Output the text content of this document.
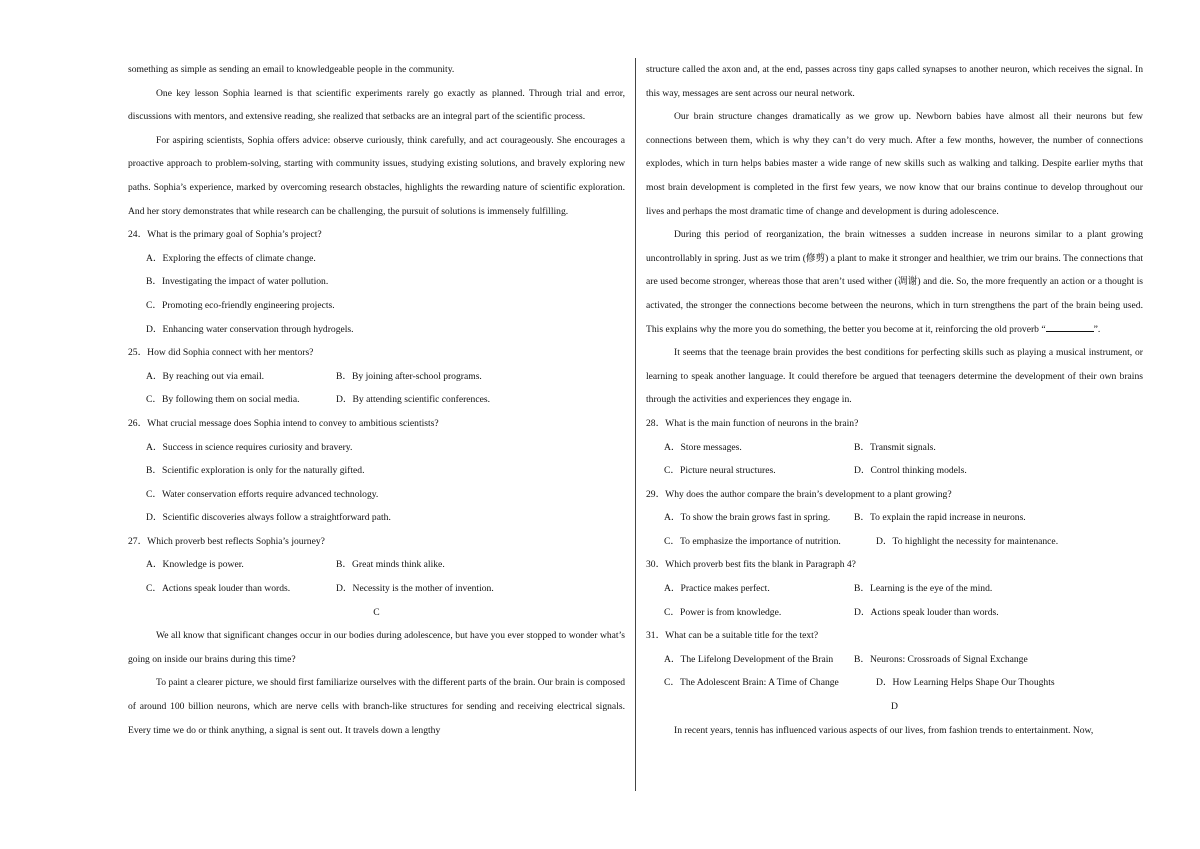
something as simple as sending an email to knowledgeable people in the community.

One key lesson Sophia learned is that scientific experiments rarely go exactly as planned. Through trial and error, discussions with mentors, and extensive reading, she realized that setbacks are an integral part of the scientific process.

For aspiring scientists, Sophia offers advice: observe curiously, think carefully, and act courageously. She encourages a proactive approach to problem-solving, starting with community issues, studying existing solutions, and bravely exploring new paths. Sophia’s experience, marked by overcoming research obstacles, highlights the rewarding nature of scientific exploration. And her story demonstrates that while research can be challenging, the pursuit of solutions is immensely fulfilling.

24．What is the primary goal of Sophia’s project?
A．Exploring the effects of climate change.
B．Investigating the impact of water pollution.
C．Promoting eco-friendly engineering projects.
D．Enhancing water conservation through hydrogels.
25．How did Sophia connect with her mentors?
A．By reaching out via email.	B．By joining after-school programs.
C．By following them on social media.	D．By attending scientific conferences.
26．What crucial message does Sophia intend to convey to ambitious scientists?
A．Success in science requires curiosity and bravery.
B．Scientific exploration is only for the naturally gifted.
C．Water conservation efforts require advanced technology.
D．Scientific discoveries always follow a straightforward path.
27．Which proverb best reflects Sophia’s journey?
A．Knowledge is power.	B．Great minds think alike.
C．Actions speak louder than words.	D．Necessity is the mother of invention.
C

We all know that significant changes occur in our bodies during adolescence, but have you ever stopped to wonder what’s going on inside our brains during this time?

To paint a clearer picture, we should first familiarize ourselves with the different parts of the brain. Our brain is composed of around 100 billion neurons, which are nerve cells with branch-like structures for sending and receiving electrical signals. Every time we do or think anything, a signal is sent out. It travels down a lengthy

structure called the axon and, at the end, passes across tiny gaps called synapses to another neuron, which receives the signal. In this way, messages are sent across our neural network.

Our brain structure changes dramatically as we grow up. Newborn babies have almost all their neurons but few connections between them, which is why they can’t do very much. After a few months, however, the number of connections explodes, which in turn helps babies master a wide range of new skills such as walking and talking. Despite earlier myths that most brain development is completed in the first few years, we now know that our brains continue to develop throughout our lives and perhaps the most dramatic time of change and development is during adolescence.

During this period of reorganization, the brain witnesses a sudden increase in neurons similar to a plant growing uncontrollably in spring. Just as we trim (修剪) a plant to make it stronger and healthier, we trim our brains. The connections that are used become stronger, whereas those that aren’t used wither (凋谢) and die. So, the more frequently an action or a thought is activated, the stronger the connections become between the neurons, which in turn strengthens the part of the brain being used. This explains why the more you do something, the better you become at it, reinforcing the old proverb “	”.

It seems that the teenage brain provides the best conditions for perfecting skills such as playing a musical instrument, or learning to speak another language. It could therefore be argued that teenagers determine the development of their own brains through the activities and experiences they engage in.

28．What is the main function of neurons in the brain?
A．Store messages.	B．Transmit signals.
C．Picture neural structures.	D．Control thinking models.
29．Why does the author compare the brain’s development to a plant growing?
A．To show the brain grows fast in spring.	B．To explain the rapid increase in neurons.
C．To emphasize the importance of nutrition.	D．To highlight the necessity for maintenance.
30．Which proverb best fits the blank in Paragraph 4?
A．Practice makes perfect.	B．Learning is the eye of the mind.
C．Power is from knowledge.	D．Actions speak louder than words.
31．What can be a suitable title for the text?
A．The Lifelong Development of the Brain	B．Neurons: Crossroads of Signal Exchange
C．The Adolescent Brain: A Time of Change	D．How Learning Helps Shape Our Thoughts
D

In recent years, tennis has influenced various aspects of our lives, from fashion trends to entertainment. Now,
